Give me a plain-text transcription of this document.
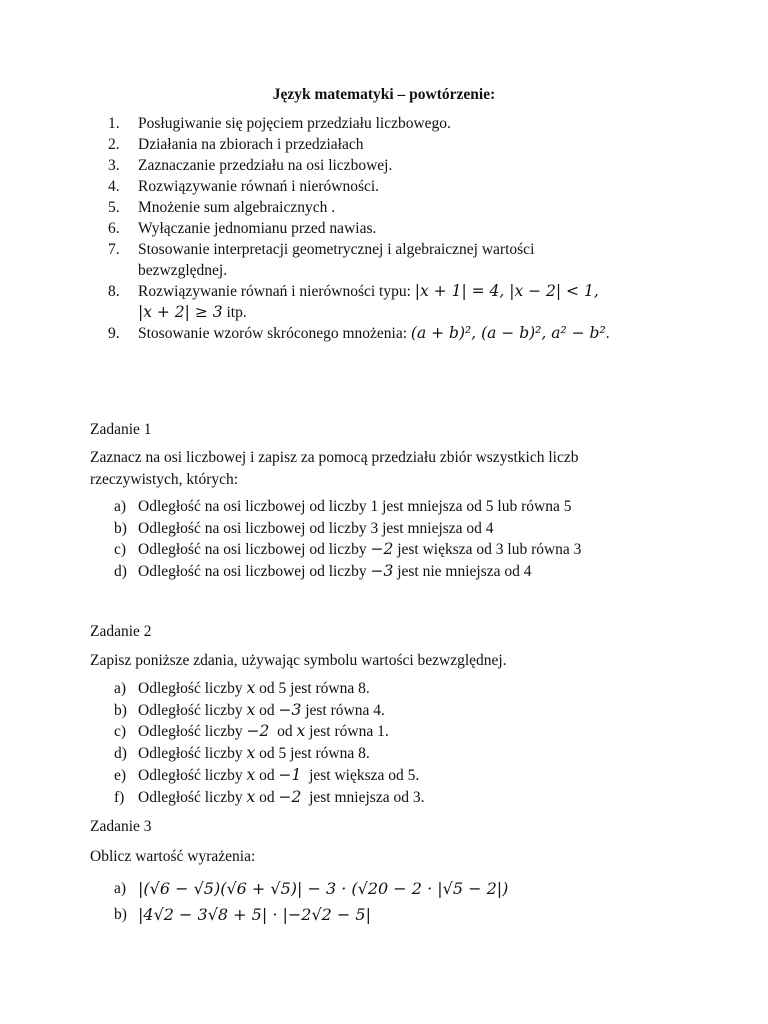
Język matematyki – powtórzenie:
1.	Posługiwanie się pojęciem przedziału liczbowego.
2.	Działania na zbiorach i przedziałach
3.	Zaznaczanie przedziału na osi liczbowej.
4.	Rozwiązywanie równań i nierówności.
5.	Mnożenie sum algebraicznych .
6.	Wyłączanie jednomianu przed nawias.
7.	Stosowanie interpretacji geometrycznej i algebraicznej wartości
bezwzględnej.
8.	Rozwiązywanie równań i nierówności typu: |x + 1| = 4, |x − 2| < 1,
|x + 2| ≥ 3 itp.
9.	Stosowanie wzorów skróconego mnożenia: (a + b)², (a − b)², a² − b².
Zadanie 1
Zaznacz na osi liczbowej i zapisz za pomocą przedziału zbiór wszystkich liczb
rzeczywistych, których:
a) Odległość na osi liczbowej od liczby 1 jest mniejsza od 5 lub równa 5
b) Odległość na osi liczbowej od liczby 3 jest mniejsza od 4
c) Odległość na osi liczbowej od liczby −2 jest większa od 3 lub równa 3
d) Odległość na osi liczbowej od liczby −3 jest nie mniejsza od 4
Zadanie 2
Zapisz poniższe zdania, używając symbolu wartości bezwzględnej.
a) Odległość liczby x od 5 jest równa 8.
b) Odległość liczby x od −3 jest równa 4.
c) Odległość liczby −2  od x jest równa 1.
d) Odległość liczby x od 5 jest równa 8.
e) Odległość liczby x od −1  jest większa od 5.
f) Odległość liczby x od −2  jest mniejsza od 3.
Zadanie 3
Oblicz wartość wyrażenia:
a) |(√6 − √5)(√6 + √5)| − 3 · (√20 − 2 · |√5 − 2|)
b) |4√2 − 3√8 + 5| · |−2√2 − 5|
